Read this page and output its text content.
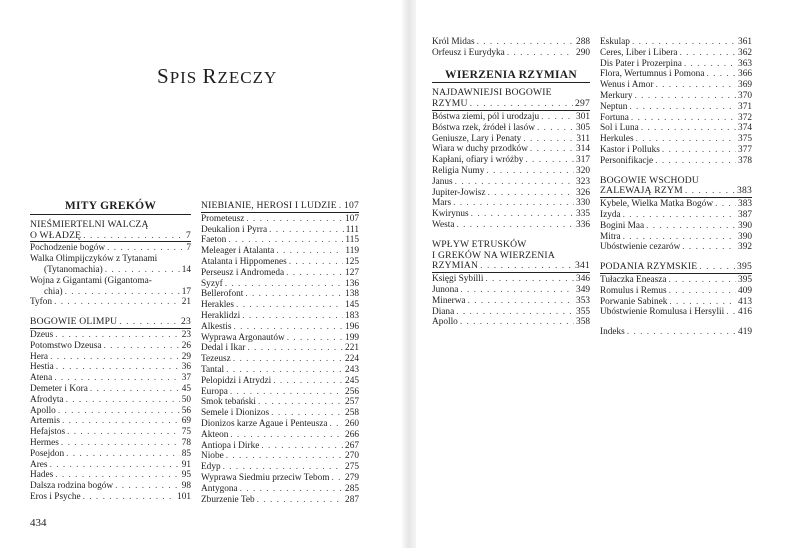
SPIS RZECZY
MITY GREKÓW
NIEŚMIERTELNI WALCZĄ
O WŁADZĘ . . .	7
Pochodzenie bogów . . .	7
Walka Olimpijczyków z Tytanami
(Tytanomachia) . . .	14
Wojna z Gigantami (Gigantoma-
chia) . . .	17
Tyfon . . .	21
BOGOWIE OLIMPU . . .	23
Dzeus . . .	23
Potomstwo Dzeusa . . .	26
Hera . . .	29
Hestia . . .	36
Atena . . .	37
Demeter i Kora . . .	45
Afrodyta . . .	50
Apollo . . .	56
Artemis . . .	69
Hefajstos . . .	75
Hermes . . .	78
Posejdon . . .	85
Ares . . .	91
Hades . . .	95
Dalsza rodzina bogów . . .	98
Eros i Psyche . . .	101
NIEBIANIE, HEROSI I LUDZIE . . . 107
Prometeusz . . .	107
Deukalion i Pyrra . . .	111
Faeton . . .	115
Meleager i Atalanta . . .	119
Atalanta i Hippomenes . . .	125
Perseusz i Andromeda . . .	127
Syzyf . . .	136
Bellerofont . . .	138
Herakles . . .	145
Heraklidzi . . .	183
Alkestis . . .	196
Wyprawa Argonautów . . .	199
Dedal i Ikar . . .	221
Tezeusz . . .	224
Tantal . . .	243
Pelopidzi i Atrydzi . . .	245
Europa . . .	256
Smok tebański . . .	257
Semele i Dionizos . . .	258
Dionizos karze Agaue i Penteusza . . . 260
Akteon . . .	266
Antiopa i Dirke . . .	267
Niobe . . .	270
Edyp . . .	275
Wyprawa Siedmiu przeciw Tebom . . . 279
Antygona . . .	285
Zburzenie Teb . . .	287
Król Midas . . .	288
Orfeusz i Eurydyka . . .	290
WIERZENIA RZYMIAN
NAJDAWNIEJSI BOGOWIE
RZYMU . . .	297
Bóstwa ziemi, pól i urodzaju . . .	301
Bóstwa rzek, źródeł i lasów . . .	305
Geniusze, Lary i Penaty . . .	311
Wiara w duchy przodków . . .	314
Kapłani, ofiary i wróżby . . .	317
Religia Numy . . .	320
Janus . . .	323
Jupiter-Jowisz . . .	326
Mars . . .	330
Kwirynus . . .	335
Westa . . .	336
WPŁYW ETRUSKÓW
I GREKÓW NA WIERZENIA
RZYMIAN . . .	341
Księgi Sybilli . . .	346
Junona . . .	349
Minerwa . . .	353
Diana . . .	355
Apollo . . .	358
Eskulap . . .	361
Ceres, Liber i Libera . . .	362
Dis Pater i Prozerpina . . .	363
Flora, Wertumnus i Pomona . . .	366
Wenus i Amor . . .	369
Merkury . . .	370
Neptun . . .	371
Fortuna . . .	372
Sol i Luna . . .	374
Herkules . . .	375
Kastor i Polluks . . .	377
Personifikacje . . .	378
BOGOWIE WSCHODU
ZALEWAJĄ RZYM . . .	383
Kybele, Wielka Matka Bogów . . .	383
Izyda . . .	387
Bogini Maa . . .	390
Mitra . . .	390
Ubóstwienie cezarów . . .	392
PODANIA RZYMSKIE . . .	395
Tułaczka Eneasza . . .	395
Romulus i Remus . . .	409
Porwanie Sabinek . . .	413
Ubóstwienie Romulusa i Hersylii . . . 416
Indeks . . .	419
434
